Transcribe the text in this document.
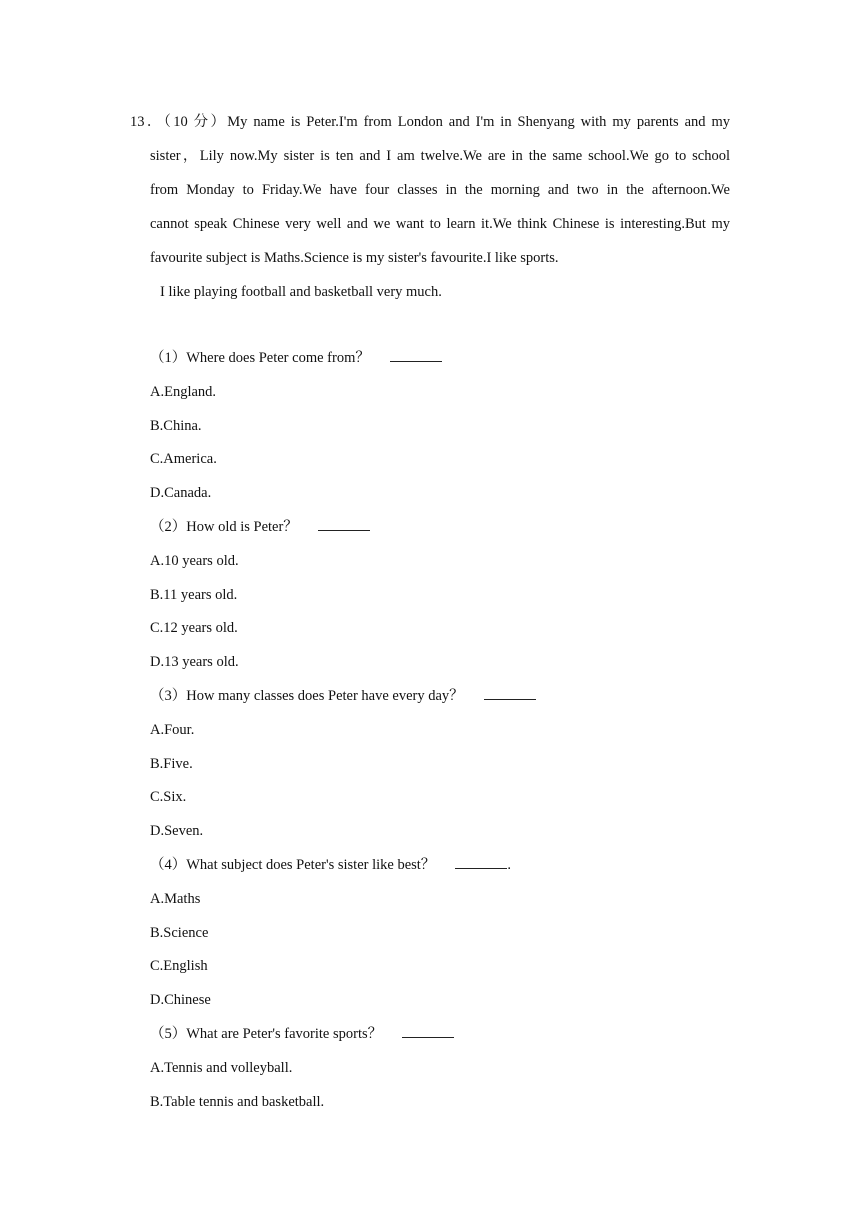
13．（10 分）My name is Peter.I'm from London and I'm in Shenyang with my parents and my
sister，Lily now.My sister is ten and I am twelve.We are in the same school.We go to school
from Monday to Friday.We have four classes in the morning and two in the afternoon.We
cannot speak Chinese very well and we want to learn it.We think Chinese is interesting.But my
favourite subject is Maths.Science is my sister's favourite.I like sports.
I like playing football and basketball very much.
（1）Where does Peter come from？
A.England.
B.China.
C.America.
D.Canada.
（2）How old is Peter？
A.10 years old.
B.11 years old.
C.12 years old.
D.13 years old.
（3）How many classes does Peter have every day？
A.Four.
B.Five.
C.Six.
D.Seven.
（4）What subject does Peter's sister like best？	.
A.Maths
B.Science
C.English
D.Chinese
（5）What are Peter's favorite sports？
A.Tennis and volleyball.
B.Table tennis and basketball.
